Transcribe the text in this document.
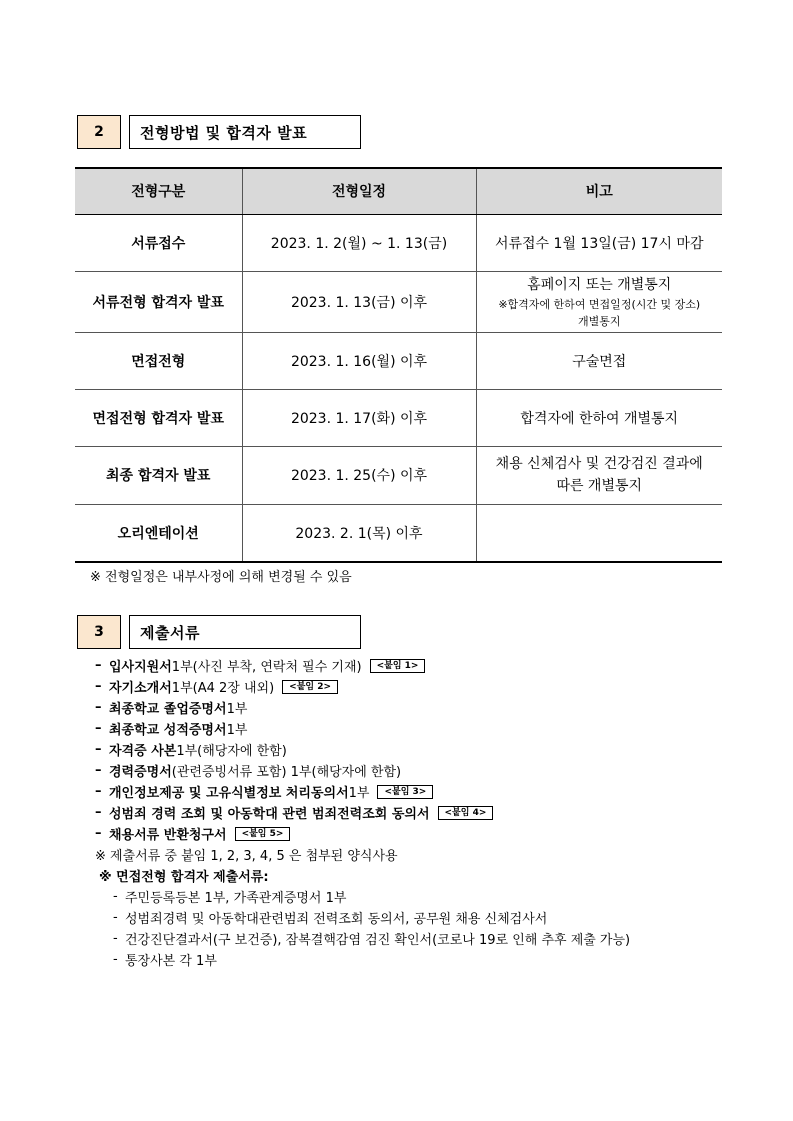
2	전형방법 및 합격자 발표
전형구분	전형일정	비고
서류접수	2023. 1. 2(월) ~ 1. 13(금)	서류접수 1월 13일(금) 17시 마감
서류전형 합격자 발표	2023. 1. 13(금) 이후	홈페이지 또는 개별통지
※합격자에 한하여 면접일정(시간 및 장소)
개별통지

면접전형	2023. 1. 16(월) 이후	구술면접
면접전형 합격자 발표	2023. 1. 17(화) 이후	합격자에 한하여 개별통지
최종 합격자 발표	2023. 1. 25(수) 이후	채용 신체검사 및 건강검진 결과에
따른 개별통지

오리엔테이션	2023. 2. 1(목) 이후	
※ 전형일정은 내부사정에 의해 변경될 수 있음
3	제출서류
– 입사지원서 1부(사진 부착, 연락처 필수 기재)	<붙임 1>
– 자기소개서 1부(A4 2장 내외)	<붙임 2>
– 최종학교 졸업증명서 1부
– 최종학교 성적증명서 1부
– 자격증 사본 1부(해당자에 한함)
– 경력증명서 (관련증빙서류 포함) 1부(해당자에 한함)
– 개인정보제공 및 고유식별정보 처리동의서 1부	<붙임 3>
– 성범죄 경력 조회 및 아동학대 관련 범죄전력조회 동의서	<붙임 4>
– 채용서류 반환청구서	<붙임 5>
※ 제출서류 중 붙임 1, 2, 3, 4, 5 은 첨부된 양식사용
※ 면접전형 합격자 제출서류:
- 주민등록등본 1부, 가족관계증명서 1부
- 성범죄경력 및 아동학대관련범죄 전력조회 동의서, 공무원 채용 신체검사서
- 건강진단결과서(구 보건증), 잠복결핵감염 검진 확인서(코로나 19로 인해 추후 제출 가능)
- 통장사본 각 1부
